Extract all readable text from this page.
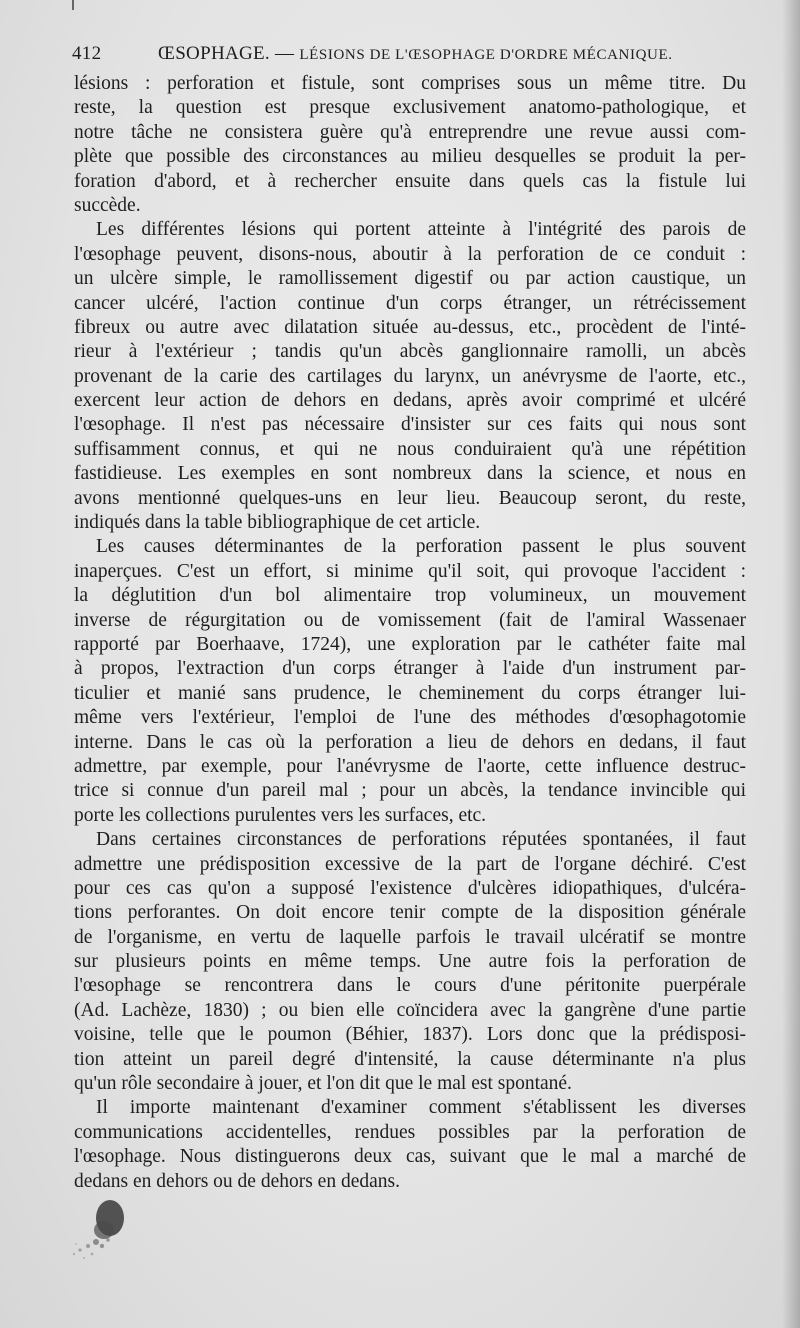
412	ŒSOPHAGE. — LÉSIONS DE L'ŒSOPHAGE D'ORDRE MÉCANIQUE.
lésions : perforation et fistule, sont comprises sous un même titre. Du
reste, la question est presque exclusivement anatomo-pathologique, et
notre tâche ne consistera guère qu'à entreprendre une revue aussi com-
plète que possible des circonstances au milieu desquelles se produit la per-
foration d'abord, et à rechercher ensuite dans quels cas la fistule lui
succède.
Les différentes lésions qui portent atteinte à l'intégrité des parois de
l'œsophage peuvent, disons-nous, aboutir à la perforation de ce conduit :
un ulcère simple, le ramollissement digestif ou par action caustique, un
cancer ulcéré, l'action continue d'un corps étranger, un rétrécissement
fibreux ou autre avec dilatation située au-dessus, etc., procèdent de l'inté-
rieur à l'extérieur ; tandis qu'un abcès ganglionnaire ramolli, un abcès
provenant de la carie des cartilages du larynx, un anévrysme de l'aorte, etc.,
exercent leur action de dehors en dedans, après avoir comprimé et ulcéré
l'œsophage. Il n'est pas nécessaire d'insister sur ces faits qui nous sont
suffisamment connus, et qui ne nous conduiraient qu'à une répétition
fastidieuse. Les exemples en sont nombreux dans la science, et nous en
avons mentionné quelques-uns en leur lieu. Beaucoup seront, du reste,
indiqués dans la table bibliographique de cet article.
Les causes déterminantes de la perforation passent le plus souvent
inaperçues. C'est un effort, si minime qu'il soit, qui provoque l'accident :
la déglutition d'un bol alimentaire trop volumineux, un mouvement
inverse de régurgitation ou de vomissement (fait de l'amiral Wassenaer
rapporté par Boerhaave, 1724), une exploration par le cathéter faite mal
à propos, l'extraction d'un corps étranger à l'aide d'un instrument par-
ticulier et manié sans prudence, le cheminement du corps étranger lui-
même vers l'extérieur, l'emploi de l'une des méthodes d'œsophagotomie
interne. Dans le cas où la perforation a lieu de dehors en dedans, il faut
admettre, par exemple, pour l'anévrysme de l'aorte, cette influence destruc-
trice si connue d'un pareil mal ; pour un abcès, la tendance invincible qui
porte les collections purulentes vers les surfaces, etc.
Dans certaines circonstances de perforations réputées spontanées, il faut
admettre une prédisposition excessive de la part de l'organe déchiré. C'est
pour ces cas qu'on a supposé l'existence d'ulcères idiopathiques, d'ulcéra-
tions perforantes. On doit encore tenir compte de la disposition générale
de l'organisme, en vertu de laquelle parfois le travail ulcératif se montre
sur plusieurs points en même temps. Une autre fois la perforation de
l'œsophage se rencontrera dans le cours d'une péritonite puerpérale
(Ad. Lachèze, 1830) ; ou bien elle coïncidera avec la gangrène d'une partie
voisine, telle que le poumon (Béhier, 1837). Lors donc que la prédisposi-
tion atteint un pareil degré d'intensité, la cause déterminante n'a plus
qu'un rôle secondaire à jouer, et l'on dit que le mal est spontané.
Il importe maintenant d'examiner comment s'établissent les diverses
communications accidentelles, rendues possibles par la perforation de
l'œsophage. Nous distinguerons deux cas, suivant que le mal a marché de
dedans en dehors ou de dehors en dedans.
